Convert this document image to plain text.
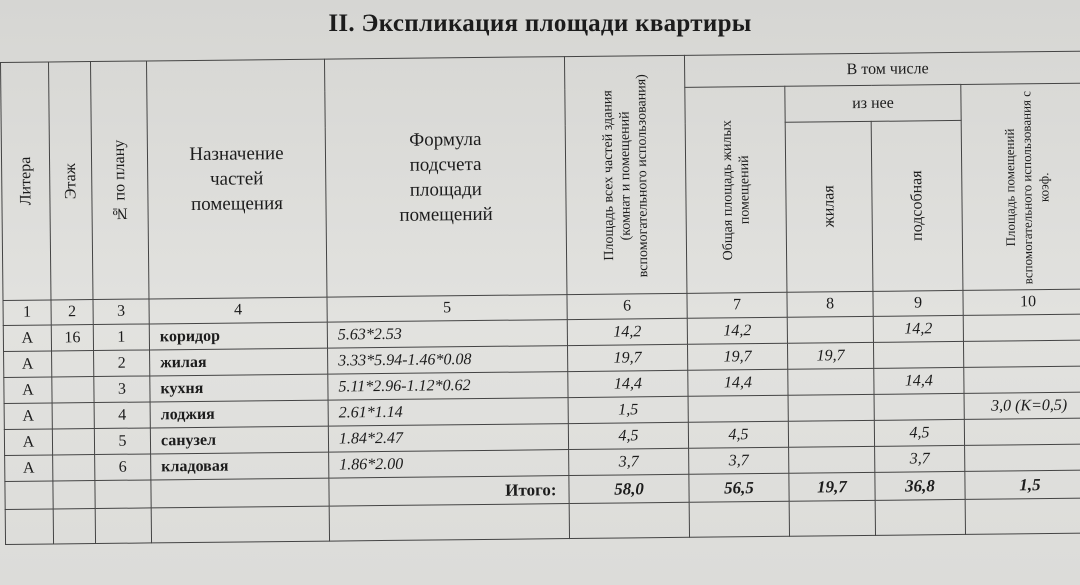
II. Экспликация площади квартиры
Литера	Этаж	№ по плану	Назначение частей помещения	Формула подсчета площади помещений	Площадь всех частей здания (комнат и помещений вспомогательного использования)	В том числе			

						Общая площадь жилых помещений	из нее		Площадь помещений вспомогательного использования с коэф.

							жилая	подсобная	

1	2	3	4	5	6	7	8	9	10
А	16	1	коридор	5.63*2.53	14,2	14,2		14,2	
А		2	жилая	3.33*5.94-1.46*0.08	19,7	19,7	19,7		
А		3	кухня	5.11*2.96-1.12*0.62	14,4	14,4		14,4	
А		4	лоджия	2.61*1.14	1,5				3,0 (К=0,5)
А		5	санузел	1.84*2.47	4,5	4,5		4,5	
А		6	кладовая	1.86*2.00	3,7	3,7		3,7	
				Итого:	58,0	56,5	19,7	36,8	1,5
